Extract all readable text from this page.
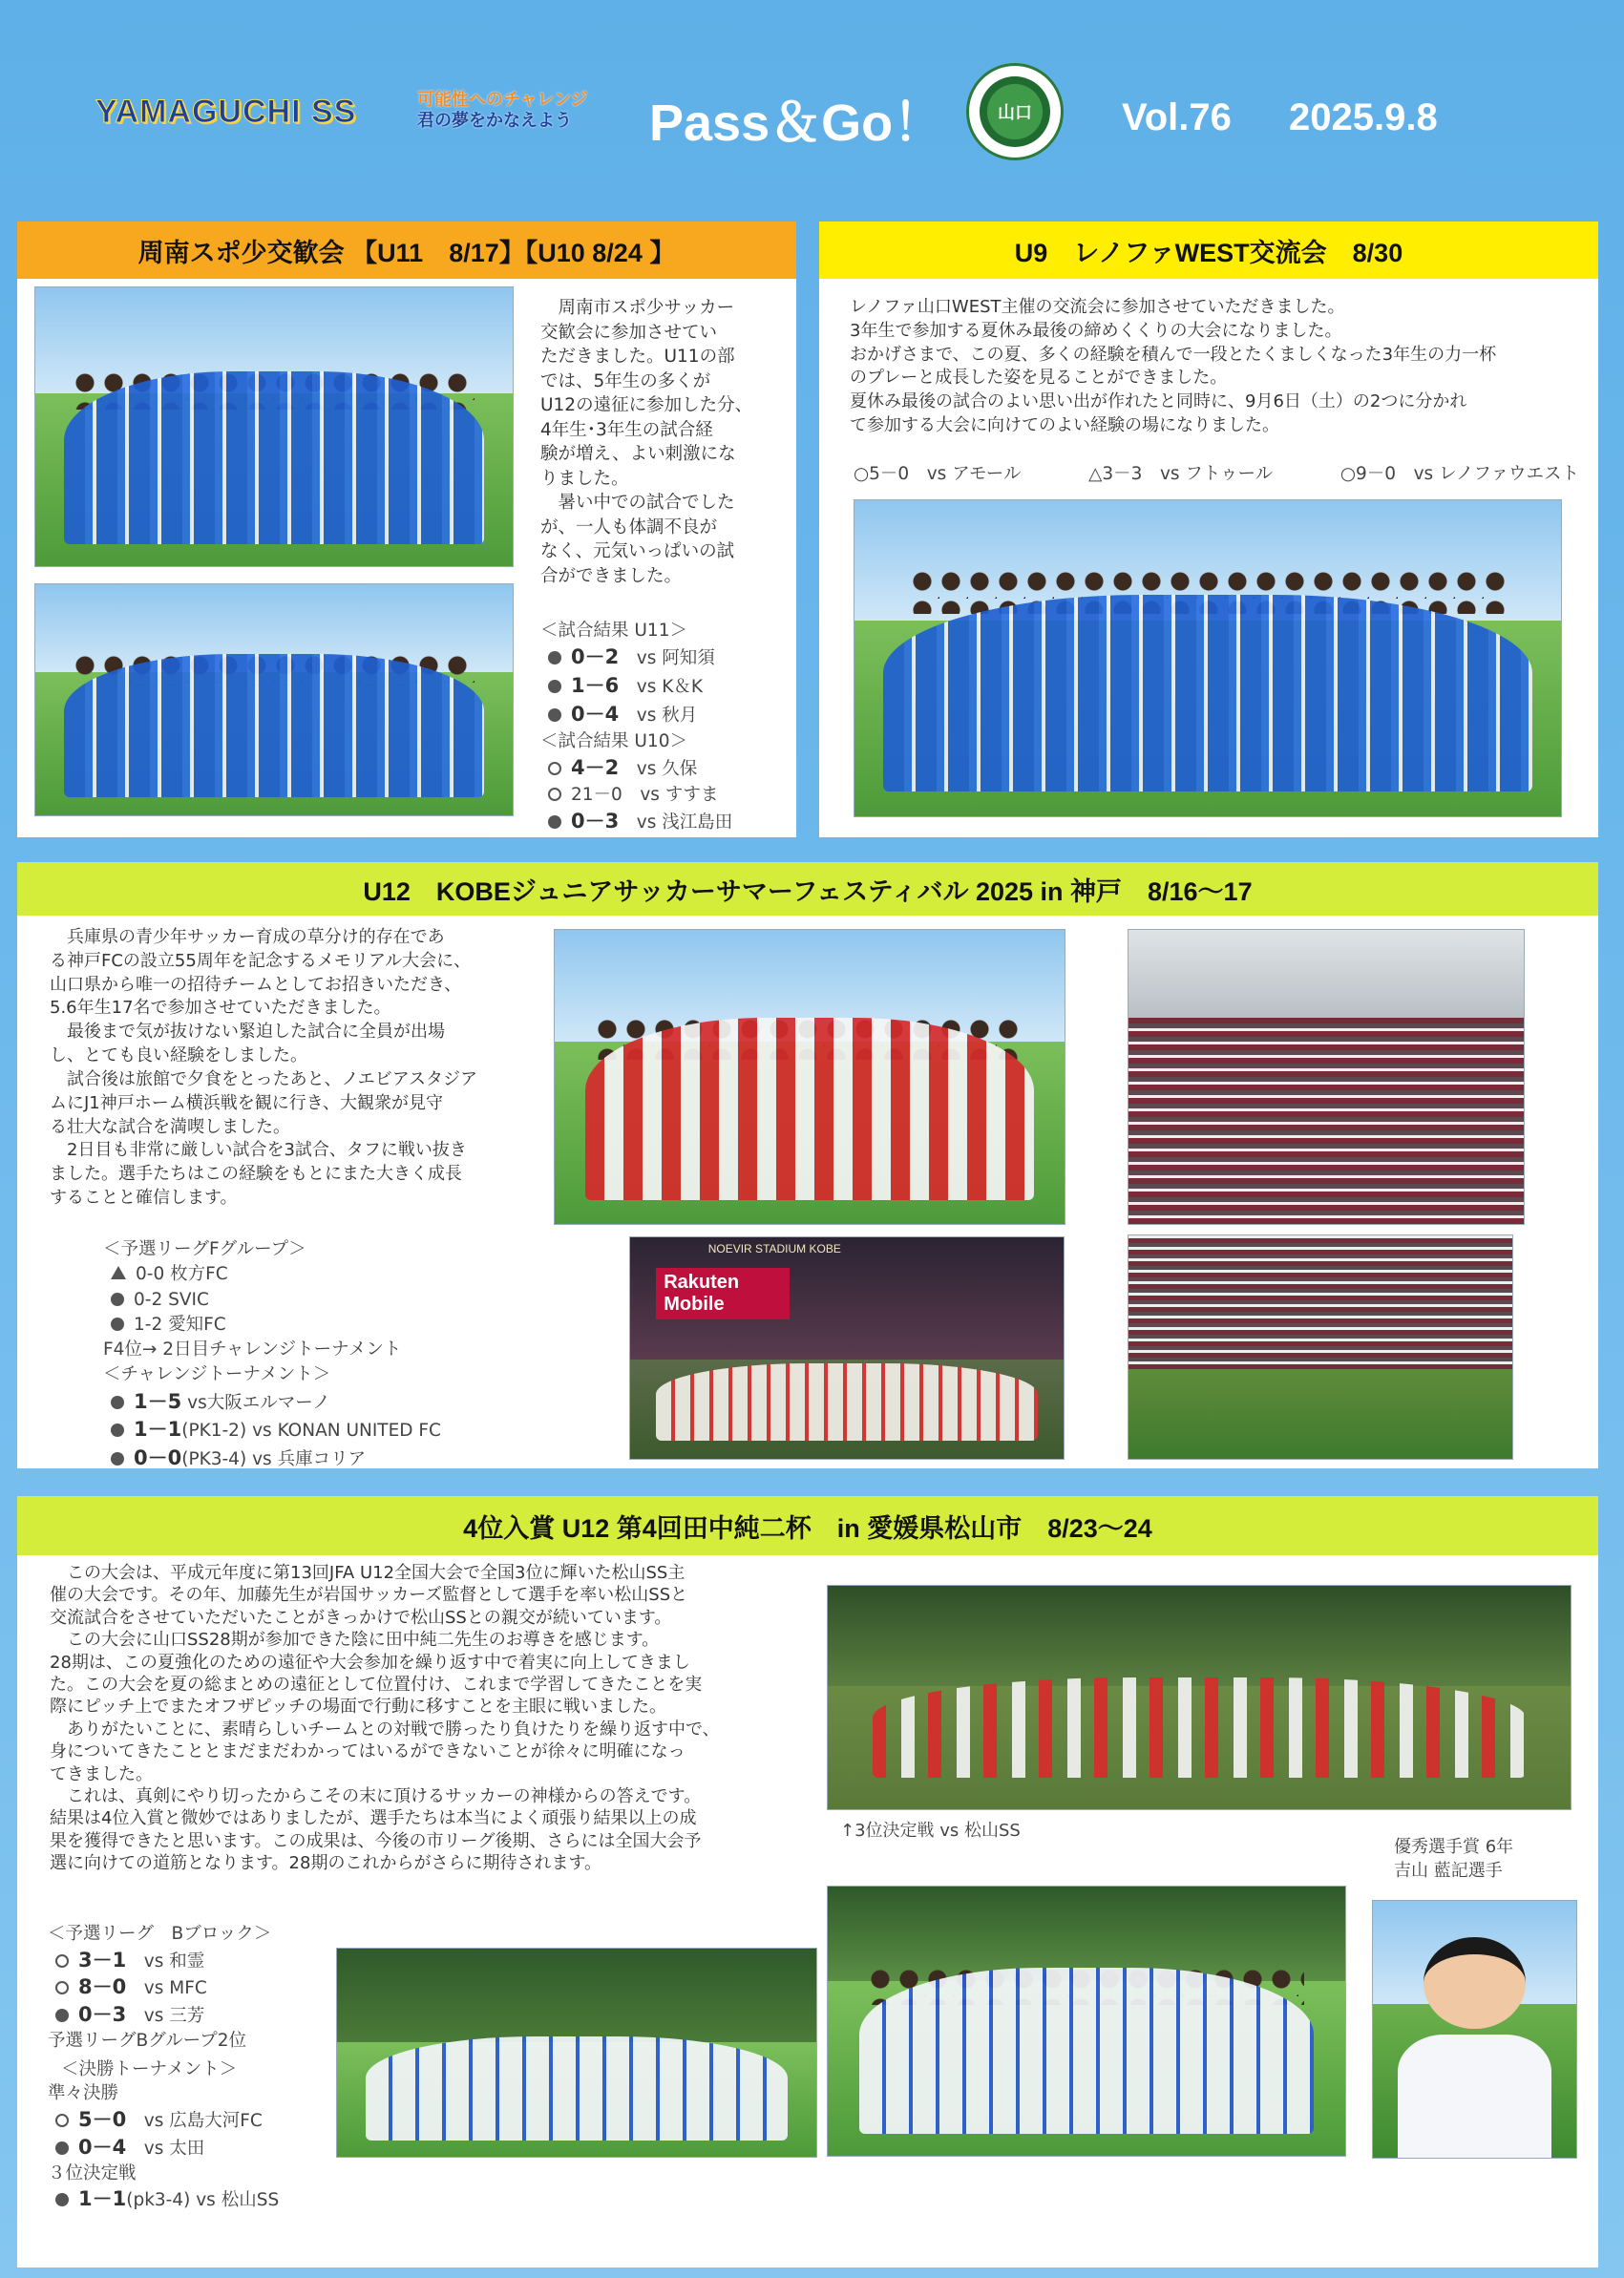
YAMAGUCHI SS	可能性へのチャレンジ
君の夢をかなえよう	Pass＆Go！	山口 Vol.76 2025.9.8
周南スポ少交歓会 【U11　8/17】【U10 8/24 】
　周南市スポ少サッカー
交歓会に参加させてい
ただきました。U11の部
では、5年生の多くが
U12の遠征に参加した分、
4年生･3年生の試合経
験が増え、よい刺激にな
りました。
　暑い中での試合でした
が、一人も体調不良が
なく、元気いっぱいの試
合ができました。
＜試合結果 U11＞
0－2　 vs 阿知須
1－6　 vs K＆K
0－4　 vs 秋月
＜試合結果 U10＞
4－2　 vs 久保
21－0　 vs すすま
0－3　 vs 浅江島田
U9　レノファWEST交流会　8/30
レノファ山口WEST主催の交流会に参加させていただきました。
3年生で参加する夏休み最後の締めくくりの大会になりました。
おかげさまで、この夏、多くの経験を積んで一段とたくましくなった3年生の力一杯
のプレーと成長した姿を見ることができました。
夏休み最後の試合のよい思い出が作れたと同時に、9月6日（土）の2つに分かれ
て参加する大会に向けてのよい経験の場になりました。
○5－0　 vs アモール	△3－3　 vs フトゥール	○9－0　 vs レノファウエスト
U12　KOBEジュニアサッカーサマーフェスティバル 2025 in 神戸　8/16～17
　兵庫県の青少年サッカー育成の草分け的存在であ
る神戸FCの設立55周年を記念するメモリアル大会に、
山口県から唯一の招待チームとしてお招きいただき、
5.6年生17名で参加させていただきました。
　最後まで気が抜けない緊迫した試合に全員が出場
し、とても良い経験をしました。
　試合後は旅館で夕食をとったあと、ノエビアスタジア
ムにJ1神戸ホーム横浜戦を観に行き、大観衆が見守
る壮大な試合を満喫しました。
　2日目も非常に厳しい試合を3試合、タフに戦い抜き
ました。選手たちはこの経験をもとにまた大きく成長
することと確信します。
＜予選リーグFグループ＞
0-0 枚方FC
0-2 SVIC
1-2 愛知FC
F4位→ 2日目チャレンジトーナメント
＜チャレンジトーナメント＞
1－5 vs大阪エルマーノ
1－1(PK1-2) vs KONAN UNITED FC
0－0(PK3-4) vs 兵庫コリア
Rakuten Mobile
NOEVIR STADIUM KOBE
4位入賞 U12 第4回田中純二杯　in 愛媛県松山市　8/23～24
　この大会は、平成元年度に第13回JFA U12全国大会で全国3位に輝いた松山SS主
催の大会です。その年、加藤先生が岩国サッカーズ監督として選手を率い松山SSと
交流試合をさせていただいたことがきっかけで松山SSとの親交が続いています。
　この大会に山口SS28期が参加できた陰に田中純二先生のお導きを感じます。
28期は、この夏強化のための遠征や大会参加を繰り返す中で着実に向上してきまし
た。この大会を夏の総まとめの遠征として位置付け、これまで学習してきたことを実
際にピッチ上でまたオフザピッチの場面で行動に移すことを主眼に戦いました。
　ありがたいことに、素晴らしいチームとの対戦で勝ったり負けたりを繰り返す中で、
身についてきたこととまだまだわかってはいるができないことが徐々に明確になっ
てきました。
　これは、真剣にやり切ったからこその末に頂けるサッカーの神様からの答えです。
結果は4位入賞と微妙ではありましたが、選手たちは本当によく頑張り結果以上の成
果を獲得できたと思います。この成果は、今後の市リーグ後期、さらには全国大会予
選に向けての道筋となります。28期のこれからがさらに期待されます。
＜予選リーグ　Bブロック＞
3－1　 vs 和霊
8－0　 vs MFC
0－3　 vs 三芳
予選リーグBグループ2位
＜決勝トーナメント＞
準々決勝
5－0　 vs 広島大河FC
0－4　 vs 太田
３位決定戦
1－1(pk3-4) vs 松山SS
↑3位決定戦 vs 松山SS
優秀選手賞 6年
吉山 藍記選手
